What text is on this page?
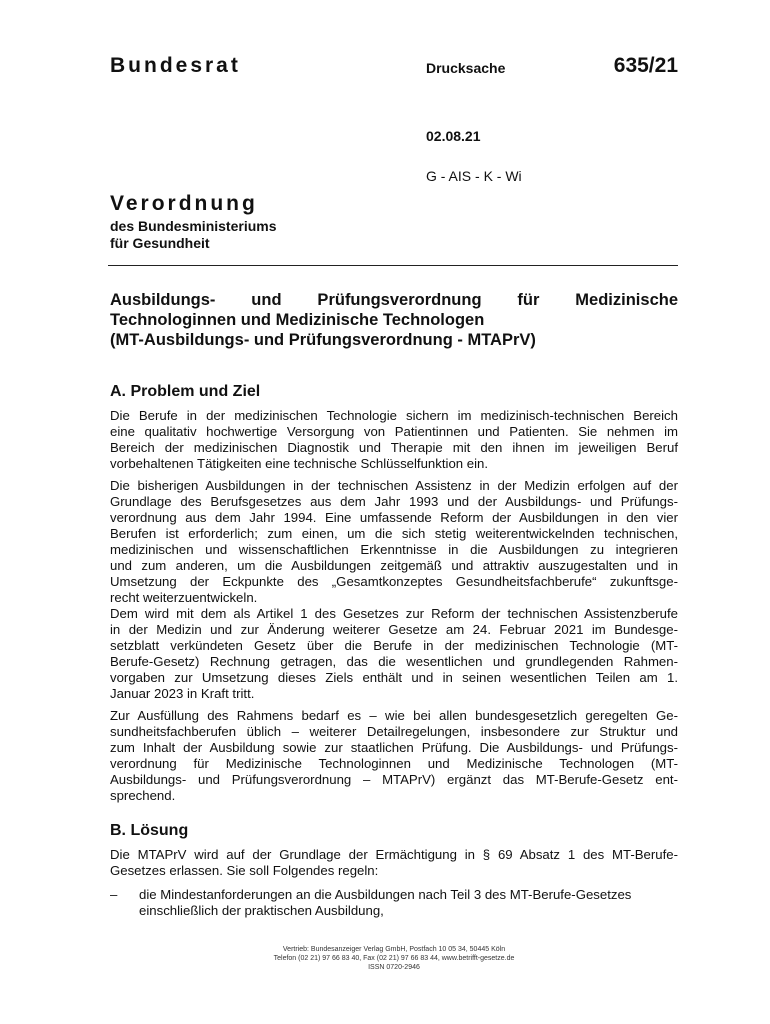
Bundesrat	Drucksache	635/21
02.08.21
G - AIS - K - Wi
Verordnung
des Bundesministeriums
für Gesundheit
Ausbildungs- und Prüfungsverordnung für Medizinische
Technologinnen und Medizinische Technologen
(MT-Ausbildungs- und Prüfungsverordnung - MTAPrV)
A. Problem und Ziel
Die Berufe in der medizinischen Technologie sichern im medizinisch-technischen Bereich
eine qualitativ hochwertige Versorgung von Patientinnen und Patienten. Sie nehmen im
Bereich der medizinischen Diagnostik und Therapie mit den ihnen im jeweiligen Beruf
vorbehaltenen Tätigkeiten eine technische Schlüsselfunktion ein.
Die bisherigen Ausbildungen in der technischen Assistenz in der Medizin erfolgen auf der
Grundlage des Berufsgesetzes aus dem Jahr 1993 und der Ausbildungs- und Prüfungs-
verordnung aus dem Jahr 1994. Eine umfassende Reform der Ausbildungen in den vier
Berufen ist erforderlich; zum einen, um die sich stetig weiterentwickelnden technischen,
medizinischen und wissenschaftlichen Erkenntnisse in die Ausbildungen zu integrieren
und zum anderen, um die Ausbildungen zeitgemäß und attraktiv auszugestalten und in
Umsetzung der Eckpunkte des „Gesamtkonzeptes Gesundheitsfachberufe“ zukunftsge-
recht weiterzuentwickeln.
Dem wird mit dem als Artikel 1 des Gesetzes zur Reform der technischen Assistenzberufe
in der Medizin und zur Änderung weiterer Gesetze am 24. Februar 2021 im Bundesge-
setzblatt verkündeten Gesetz über die Berufe in der medizinischen Technologie (MT-
Berufe-Gesetz) Rechnung getragen, das die wesentlichen und grundlegenden Rahmen-
vorgaben zur Umsetzung dieses Ziels enthält und in seinen wesentlichen Teilen am 1.
Januar 2023 in Kraft tritt.
Zur Ausfüllung des Rahmens bedarf es – wie bei allen bundesgesetzlich geregelten Ge-
sundheitsfachberufen üblich – weiterer Detailregelungen, insbesondere zur Struktur und
zum Inhalt der Ausbildung sowie zur staatlichen Prüfung. Die Ausbildungs- und Prüfungs-
verordnung für Medizinische Technologinnen und Medizinische Technologen (MT-
Ausbildungs- und Prüfungsverordnung – MTAPrV) ergänzt das MT-Berufe-Gesetz ent-
sprechend.
B. Lösung
Die MTAPrV wird auf der Grundlage der Ermächtigung in § 69 Absatz 1 des MT-Berufe-
Gesetzes erlassen. Sie soll Folgendes regeln:
– die Mindestanforderungen an die Ausbildungen nach Teil 3 des MT-Berufe-Gesetzes
einschließlich der praktischen Ausbildung,
Vertrieb: Bundesanzeiger Verlag GmbH, Postfach 10 05 34, 50445 Köln
Telefon (02 21) 97 66 83 40, Fax (02 21) 97 66 83 44, www.betrifft-gesetze.de
ISSN 0720-2946
